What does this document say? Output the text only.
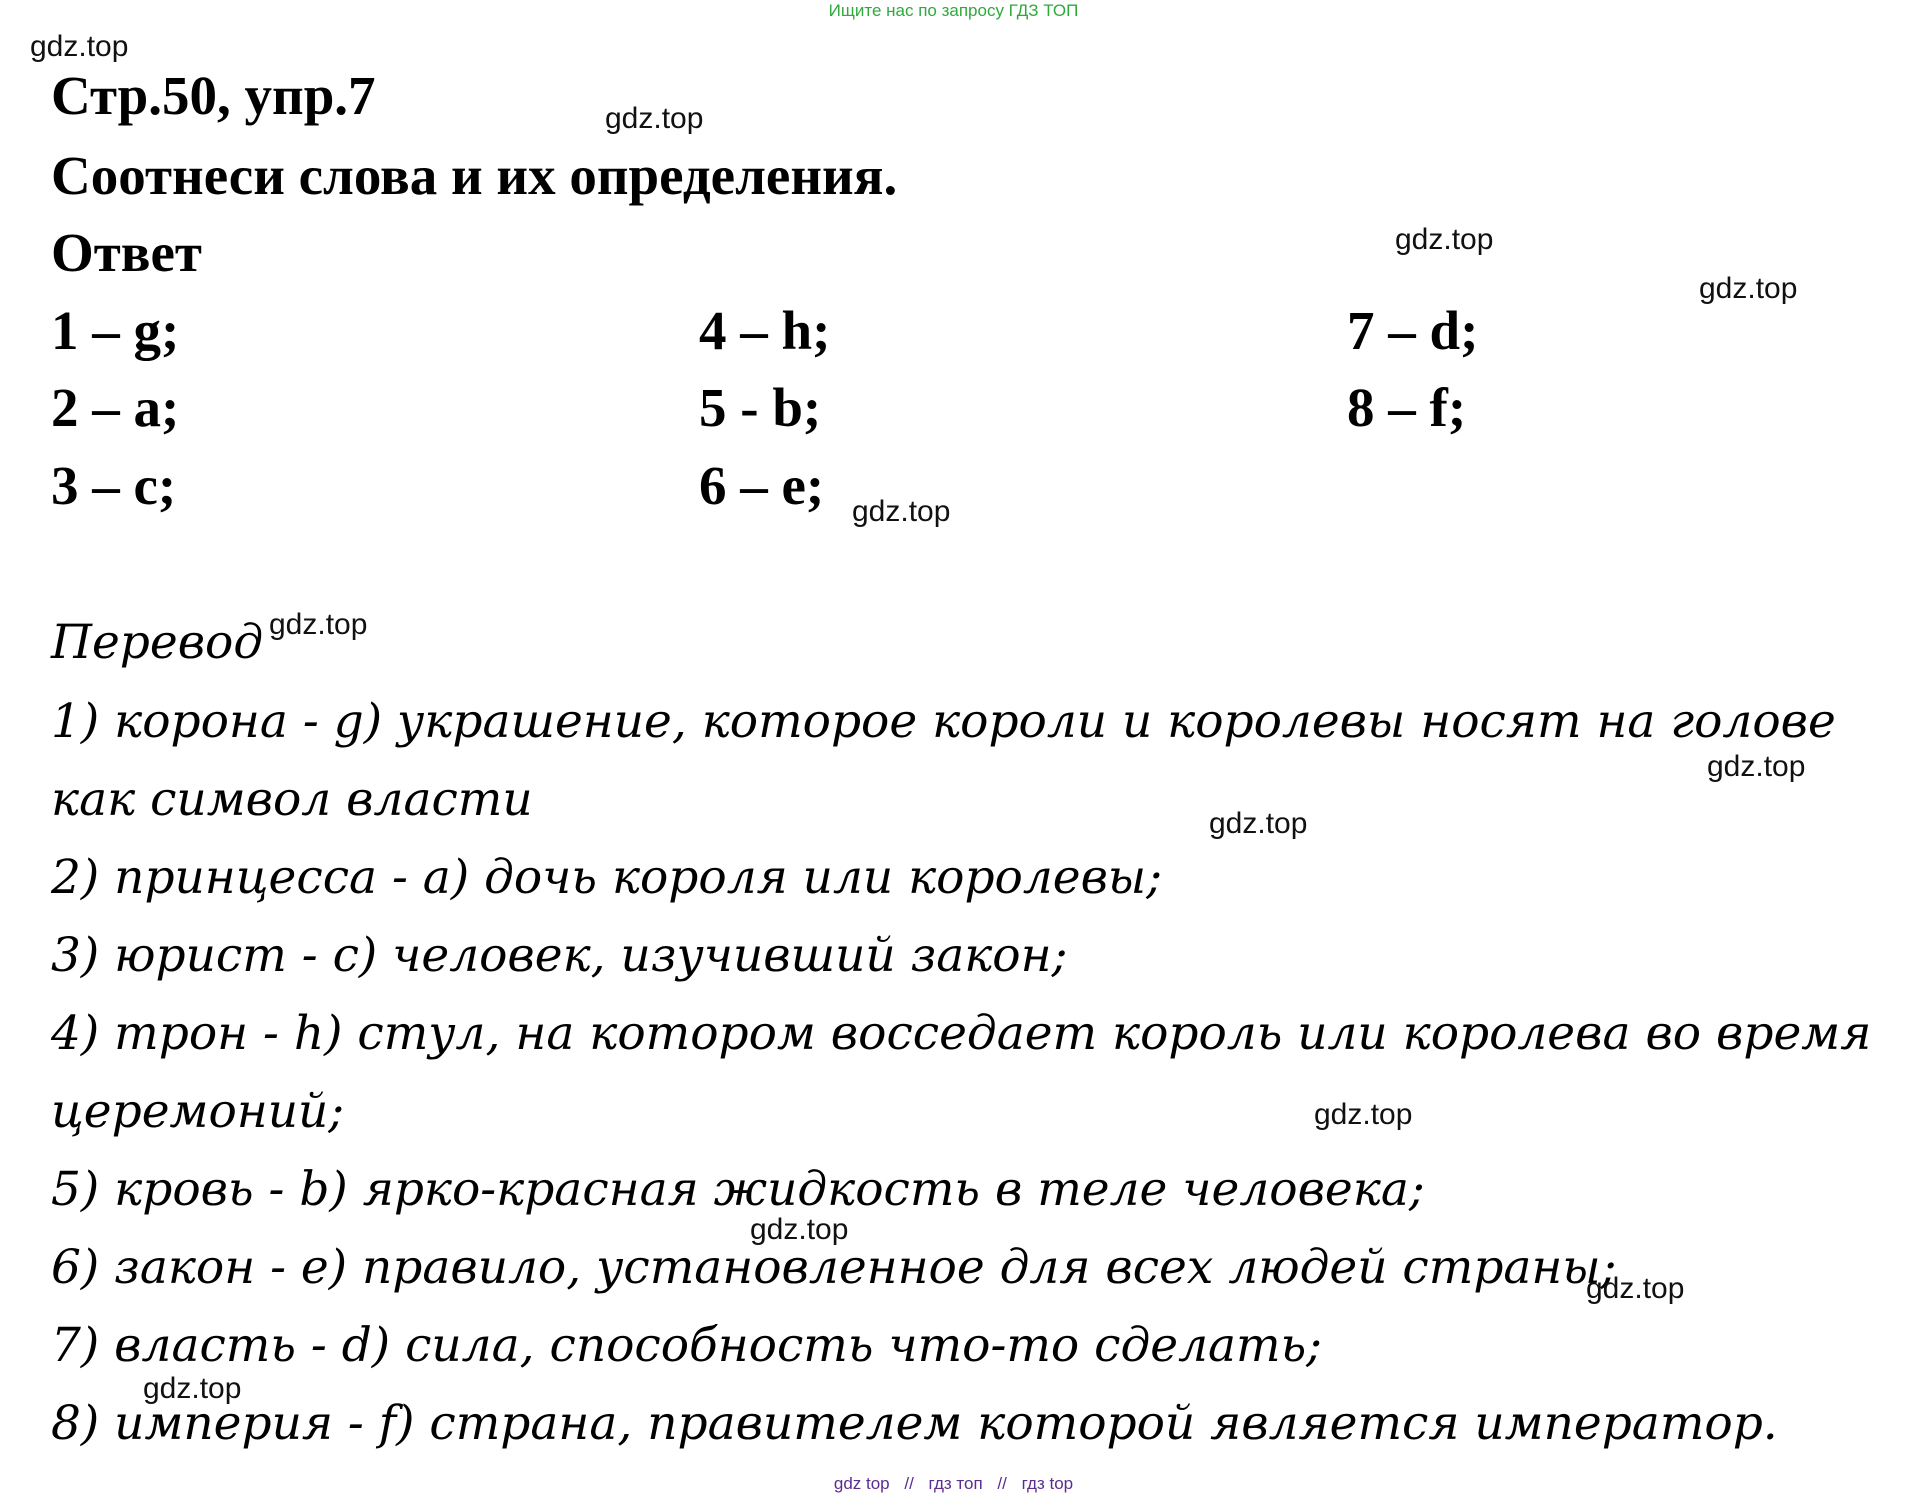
Ищите нас по запросу ГДЗ ТОП
Стр.50, упр.7
Соотнеси слова и их определения.
Ответ
1 – g;
2 – a;
3 – c;
4 – h;
5 - b;
6 – e;
7 – d;
8 – f;
Перевод
1) корона - g) украшение, которое короли и королевы носят на голове
как символ власти
2) принцесса - a) дочь короля или королевы;
3) юрист - c) человек, изучивший закон;
4) трон - h) стул, на котором восседает король или королева во время
церемоний;
5) кровь - b) ярко-красная жидкость в теле человека;
6) закон - e) правило, установленное для всех людей страны;
7) власть - d) сила, способность что-то сделать;
8) империя - f) страна, правителем которой является император.
gdz.top
gdz.top
gdz.top
gdz.top
gdz.top
gdz.top
gdz.top
gdz.top
gdz.top
gdz.top
gdz.top
gdz.top
gdz top // гдз топ // гдз top
